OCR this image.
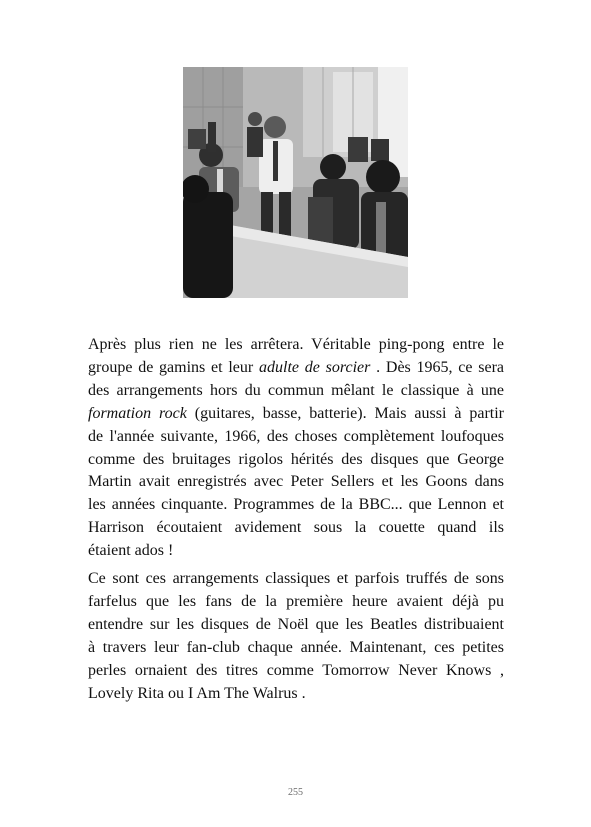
Après plus rien ne les arrêtera. Véritable ping-pong entre le
groupe de gamins et leur adulte de sorcier . Dès 1965, ce sera
des arrangements hors du commun mêlant le classique à une
formation rock (guitares, basse, batterie). Mais aussi à partir
de l'année suivante, 1966, des choses complètement loufoques
comme des bruitages rigolos hérités des disques que George
Martin avait enregistrés avec Peter Sellers et les Goons dans
les années cinquante. Programmes de la BBC... que Lennon et
Harrison écoutaient avidement sous la couette quand ils
étaient ados !
Ce sont ces arrangements classiques et parfois truffés de sons
farfelus que les fans de la première heure avaient déjà pu
entendre sur les disques de Noël que les Beatles distribuaient
à travers leur fan-club chaque année. Maintenant, ces petites
perles ornaient des titres comme Tomorrow Never Knows ,
Lovely Rita ou I Am The Walrus .
255
